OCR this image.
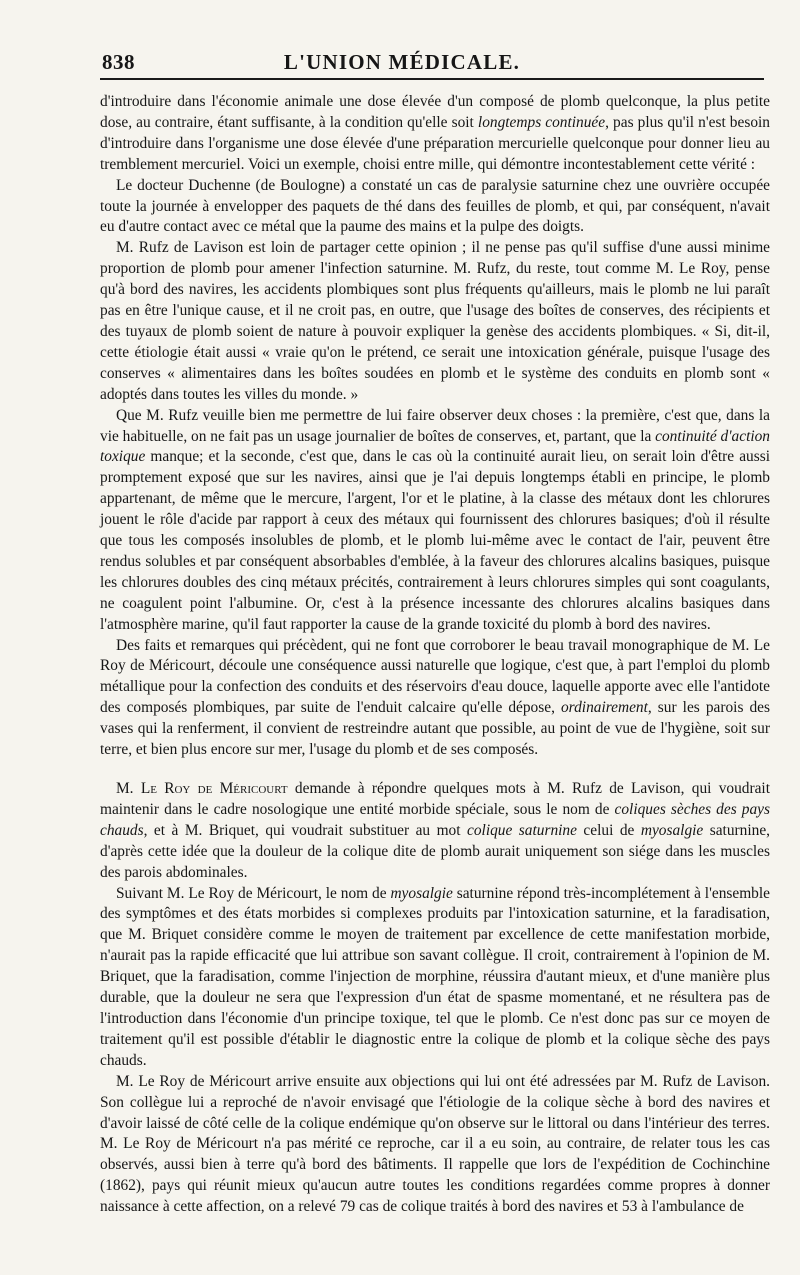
838	L'UNION MÉDICALE.

d'introduire dans l'économie animale une dose élevée d'un composé de plomb quelconque, la plus petite dose, au contraire, étant suffisante, à la condition qu'elle soit longtemps continuée, pas plus qu'il n'est besoin d'introduire dans l'organisme une dose élevée d'une préparation mercurielle quelconque pour donner lieu au tremblement mercuriel. Voici un exemple, choisi entre mille, qui démontre incontestablement cette vérité :

Le docteur Duchenne (de Boulogne) a constaté un cas de paralysie saturnine chez une ouvrière occupée toute la journée à envelopper des paquets de thé dans des feuilles de plomb, et qui, par conséquent, n'avait eu d'autre contact avec ce métal que la paume des mains et la pulpe des doigts.

M. Rufz de Lavison est loin de partager cette opinion ; il ne pense pas qu'il suffise d'une aussi minime proportion de plomb pour amener l'infection saturnine. M. Rufz, du reste, tout comme M. Le Roy, pense qu'à bord des navires, les accidents plombiques sont plus fréquents qu'ailleurs, mais le plomb ne lui paraît pas en être l'unique cause, et il ne croit pas, en outre, que l'usage des boîtes de conserves, des récipients et des tuyaux de plomb soient de nature à pouvoir expliquer la genèse des accidents plombiques. « Si, dit-il, cette étiologie était aussi « vraie qu'on le prétend, ce serait une intoxication générale, puisque l'usage des conserves « alimentaires dans les boîtes soudées en plomb et le système des conduits en plomb sont « adoptés dans toutes les villes du monde. »

Que M. Rufz veuille bien me permettre de lui faire observer deux choses : la première, c'est que, dans la vie habituelle, on ne fait pas un usage journalier de boîtes de conserves, et, partant, que la continuité d'action toxique manque; et la seconde, c'est que, dans le cas où la continuité aurait lieu, on serait loin d'être aussi promptement exposé que sur les navires, ainsi que je l'ai depuis longtemps établi en principe, le plomb appartenant, de même que le mercure, l'argent, l'or et le platine, à la classe des métaux dont les chlorures jouent le rôle d'acide par rapport à ceux des métaux qui fournissent des chlorures basiques; d'où il résulte que tous les composés insolubles de plomb, et le plomb lui-même avec le contact de l'air, peuvent être rendus solubles et par conséquent absorbables d'emblée, à la faveur des chlorures alcalins basiques, puisque les chlorures doubles des cinq métaux précités, contrairement à leurs chlorures simples qui sont coagulants, ne coagulent point l'albumine. Or, c'est à la présence incessante des chlorures alcalins basiques dans l'atmosphère marine, qu'il faut rapporter la cause de la grande toxicité du plomb à bord des navires.

Des faits et remarques qui précèdent, qui ne font que corroborer le beau travail monographique de M. Le Roy de Méricourt, découle une conséquence aussi naturelle que logique, c'est que, à part l'emploi du plomb métallique pour la confection des conduits et des réservoirs d'eau douce, laquelle apporte avec elle l'antidote des composés plombiques, par suite de l'enduit calcaire qu'elle dépose, ordinairement, sur les parois des vases qui la renferment, il convient de restreindre autant que possible, au point de vue de l'hygiène, soit sur terre, et bien plus encore sur mer, l'usage du plomb et de ses composés.

M. Le Roy de Méricourt demande à répondre quelques mots à M. Rufz de Lavison, qui voudrait maintenir dans le cadre nosologique une entité morbide spéciale, sous le nom de coliques sèches des pays chauds, et à M. Briquet, qui voudrait substituer au mot colique saturnine celui de myosalgie saturnine, d'après cette idée que la douleur de la colique dite de plomb aurait uniquement son siége dans les muscles des parois abdominales.

Suivant M. Le Roy de Méricourt, le nom de myosalgie saturnine répond très-incomplétement à l'ensemble des symptômes et des états morbides si complexes produits par l'intoxication saturnine, et la faradisation, que M. Briquet considère comme le moyen de traitement par excellence de cette manifestation morbide, n'aurait pas la rapide efficacité que lui attribue son savant collègue. Il croit, contrairement à l'opinion de M. Briquet, que la faradisation, comme l'injection de morphine, réussira d'autant mieux, et d'une manière plus durable, que la douleur ne sera que l'expression d'un état de spasme momentané, et ne résultera pas de l'introduction dans l'économie d'un principe toxique, tel que le plomb. Ce n'est donc pas sur ce moyen de traitement qu'il est possible d'établir le diagnostic entre la colique de plomb et la colique sèche des pays chauds.

M. Le Roy de Méricourt arrive ensuite aux objections qui lui ont été adressées par M. Rufz de Lavison. Son collègue lui a reproché de n'avoir envisagé que l'étiologie de la colique sèche à bord des navires et d'avoir laissé de côté celle de la colique endémique qu'on observe sur le littoral ou dans l'intérieur des terres. M. Le Roy de Méricourt n'a pas mérité ce reproche, car il a eu soin, au contraire, de relater tous les cas observés, aussi bien à terre qu'à bord des bâtiments. Il rappelle que lors de l'expédition de Cochinchine (1862), pays qui réunit mieux qu'aucun autre toutes les conditions regardées comme propres à donner naissance à cette affection, on a relevé 79 cas de colique traités à bord des navires et 53 à l'ambulance de
